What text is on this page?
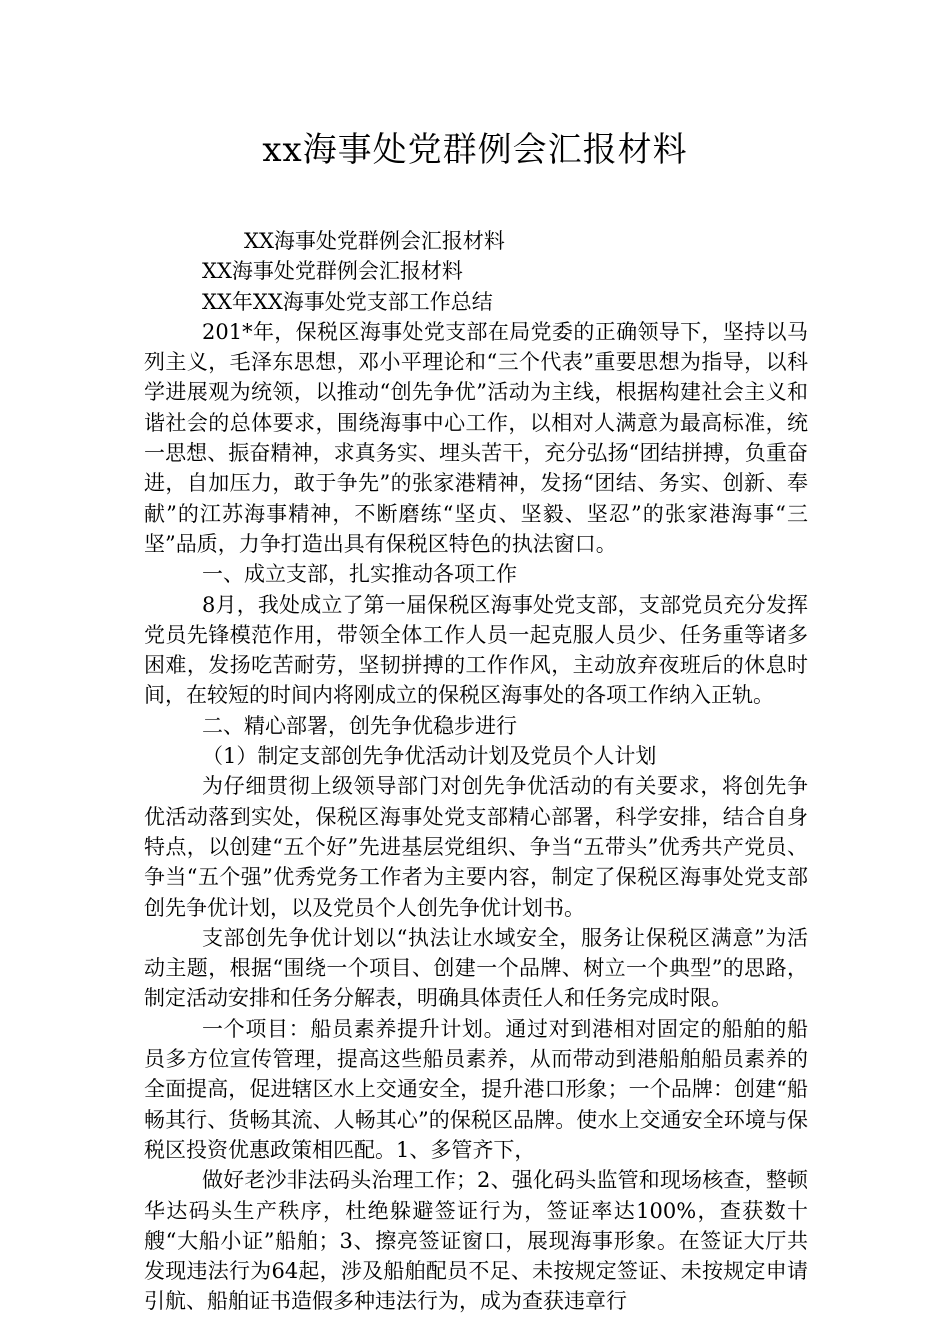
xx海事处党群例会汇报材料

XX海事处党群例会汇报材料

XX海事处党群例会汇报材料

XX年XX海事处党支部工作总结

201*年，保税区海事处党支部在局党委的正确领导下，坚持以马列主义，毛泽东思想，邓小平理论和“三个代表”重要思想为指导，以科学进展观为统领，以推动“创先争优”活动为主线，根据构建社会主义和谐社会的总体要求，围绕海事中心工作，以相对人满意为最高标准，统一思想、振奋精神，求真务实、埋头苦干，充分弘扬“团结拼搏，负重奋进，自加压力，敢于争先”的张家港精神，发扬“团结、务实、创新、奉献”的江苏海事精神，不断磨练“坚贞、坚毅、坚忍”的张家港海事“三坚”品质，力争打造出具有保税区特色的执法窗口。

一、成立支部，扎实推动各项工作

8月，我处成立了第一届保税区海事处党支部，支部党员充分发挥党员先锋模范作用，带领全体工作人员一起克服人员少、任务重等诸多困难，发扬吃苦耐劳，坚韧拼搏的工作作风，主动放弃夜班后的休息时间，在较短的时间内将刚成立的保税区海事处的各项工作纳入正轨。

二、精心部署，创先争优稳步进行

（1）制定支部创先争优活动计划及党员个人计划

为仔细贯彻上级领导部门对创先争优活动的有关要求，将创先争优活动落到实处，保税区海事处党支部精心部署，科学安排，结合自身特点，以创建“五个好”先进基层党组织、争当“五带头”优秀共产党员、争当“五个强”优秀党务工作者为主要内容，制定了保税区海事处党支部创先争优计划，以及党员个人创先争优计划书。

支部创先争优计划以“执法让水域安全，服务让保税区满意”为活动主题，根据“围绕一个项目、创建一个品牌、树立一个典型”的思路，制定活动安排和任务分解表，明确具体责任人和任务完成时限。

一个项目：船员素养提升计划。通过对到港相对固定的船舶的船员多方位宣传管理，提高这些船员素养，从而带动到港船舶船员素养的全面提高，促进辖区水上交通安全，提升港口形象；一个品牌：创建“船畅其行、货畅其流、人畅其心”的保税区品牌。使水上交通安全环境与保税区投资优惠政策相匹配。1、多管齐下，

做好老沙非法码头治理工作；2、强化码头监管和现场核查，整顿华达码头生产秩序，杜绝躲避签证行为，签证率达100%，查获数十艘“大船小证”船舶；3、擦亮签证窗口，展现海事形象。在签证大厅共发现违法行为64起，涉及船舶配员不足、未按规定签证、未按规定申请引航、船舶证书造假多种违法行为，成为查获违章行
